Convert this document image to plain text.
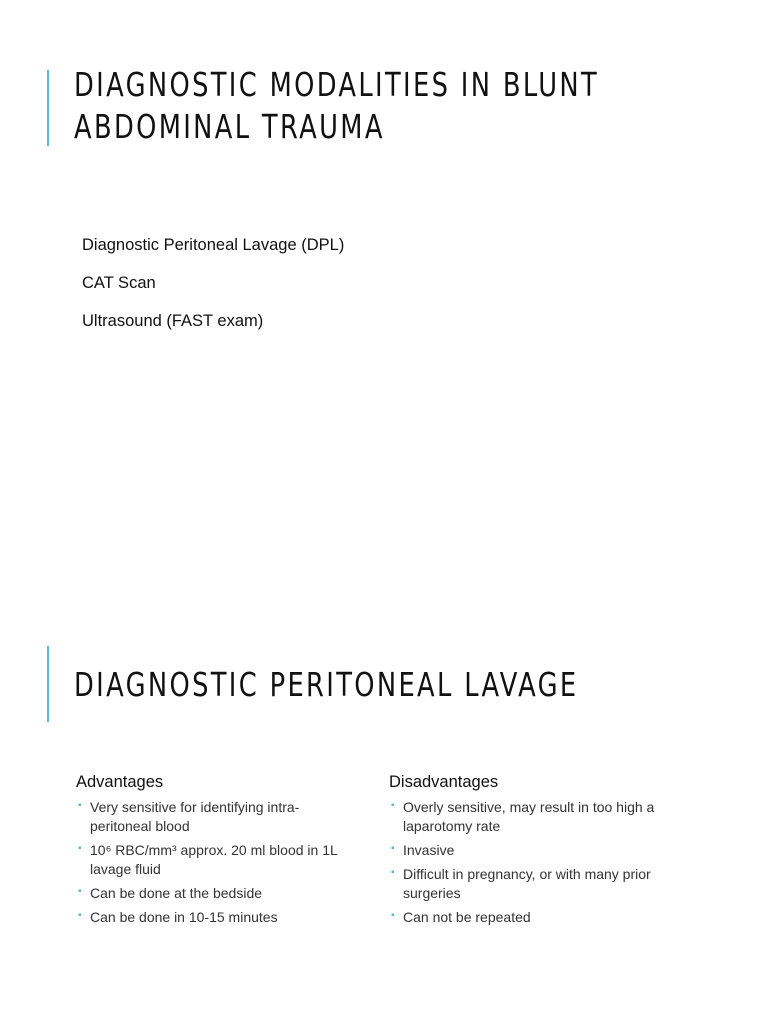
DIAGNOSTIC MODALITIES IN BLUNT
ABDOMINAL TRAUMA
Diagnostic Peritoneal Lavage (DPL)
CAT Scan
Ultrasound (FAST exam)
DIAGNOSTIC PERITONEAL LAVAGE
Advantages
▪ Very sensitive for identifying intra-peritoneal blood
▪ 10⁶ RBC/mm³ approx. 20 ml blood in 1L lavage fluid
▪ Can be done at the bedside
▪ Can be done in 10-15 minutes
Disadvantages
▪ Overly sensitive, may result in too high a laparotomy rate
▪ Invasive
▪ Difficult in pregnancy, or with many prior surgeries
▪ Can not be repeated
